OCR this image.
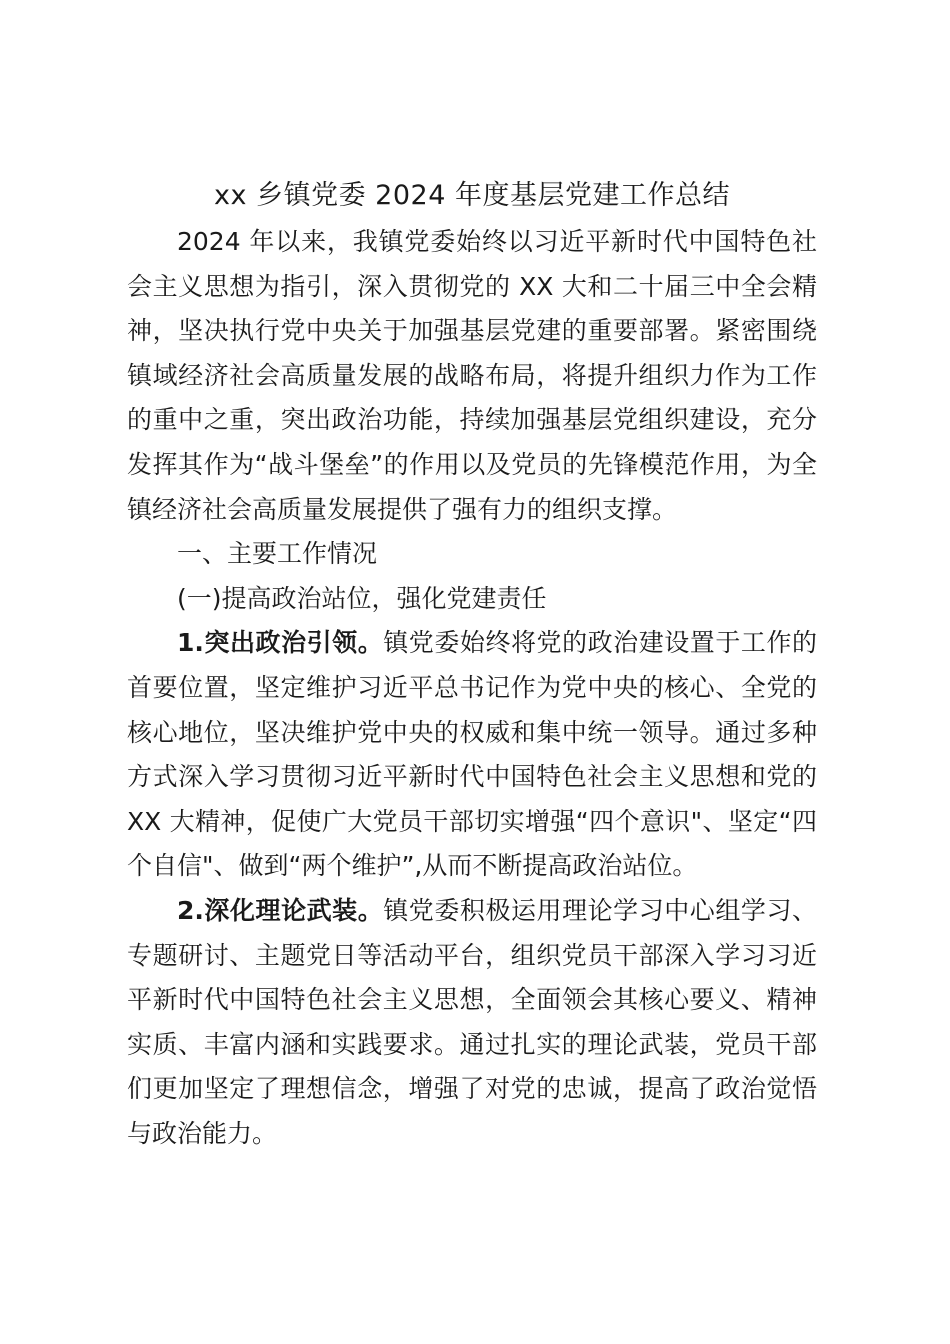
xx 乡镇党委 2024 年度基层党建工作总结

2024 年以来，我镇党委始终以习近平新时代中国特色社会主义思想为指引，深入贯彻党的 XX 大和二十届三中全会精神，坚决执行党中央关于加强基层党建的重要部署。紧密围绕镇域经济社会高质量发展的战略布局，将提升组织力作为工作的重中之重，突出政治功能，持续加强基层党组织建设，充分发挥其作为“战斗堡垒”的作用以及党员的先锋模范作用，为全镇经济社会高质量发展提供了强有力的组织支撑。

一、主要工作情况

(一)提高政治站位，强化党建责任

1.突出政治引领。镇党委始终将党的政治建设置于工作的首要位置，坚定维护习近平总书记作为党中央的核心、全党的核心地位，坚决维护党中央的权威和集中统一领导。通过多种方式深入学习贯彻习近平新时代中国特色社会主义思想和党的 XX 大精神，促使广大党员干部切实增强“四个意识"、坚定“四个自信"、做到“两个维护”,从而不断提高政治站位。

2.深化理论武装。镇党委积极运用理论学习中心组学习、专题研讨、主题党日等活动平台，组织党员干部深入学习习近平新时代中国特色社会主义思想，全面领会其核心要义、精神实质、丰富内涵和实践要求。通过扎实的理论武装，党员干部们更加坚定了理想信念，增强了对党的忠诚，提高了政治觉悟与政治能力。
